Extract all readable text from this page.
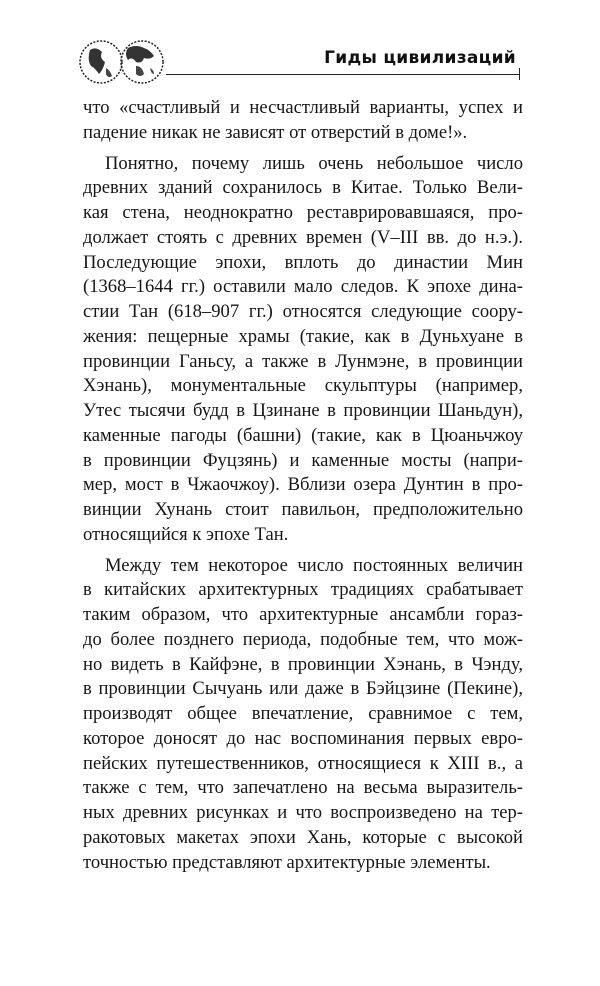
Гиды цивилизаций
что «счастливый и несчастливый варианты, успех и
падение никак не зависят от отверстий в доме!».
Понятно, почему лишь очень небольшое число
древних зданий сохранилось в Китае. Только Вели-
кая стена, неоднократно реставрировавшаяся, про-
должает стоять с древних времен (V–III вв. до н.э.).
Последующие эпохи, вплоть до династии Мин
(1368–1644 гг.) оставили мало следов. К эпохе дина-
стии Тан (618–907 гг.) относятся следующие соору-
жения: пещерные храмы (такие, как в Дуньхуане в
провинции Ганьсу, а также в Лунмэне, в провинции
Хэнань), монументальные скульптуры (например,
Утес тысячи будд в Цзинане в провинции Шаньдун),
каменные пагоды (башни) (такие, как в Цюаньчжоу
в провинции Фуцзянь) и каменные мосты (напри-
мер, мост в Чжаочжоу). Вблизи озера Дунтин в про-
винции Хунань стоит павильон, предположительно
относящийся к эпохе Тан.
Между тем некоторое число постоянных величин
в китайских архитектурных традициях срабатывает
таким образом, что архитектурные ансамбли гораз-
до более позднего периода, подобные тем, что мож-
но видеть в Кайфэне, в провинции Хэнань, в Чэнду,
в провинции Сычуань или даже в Бэйцзине (Пекине),
производят общее впечатление, сравнимое с тем,
которое доносят до нас воспоминания первых евро-
пейских путешественников, относящиеся к XIII в., а
также с тем, что запечатлено на весьма выразитель-
ных древних рисунках и что воспроизведено на тер-
ракотовых макетах эпохи Хань, которые с высокой
точностью представляют архитектурные элементы.
